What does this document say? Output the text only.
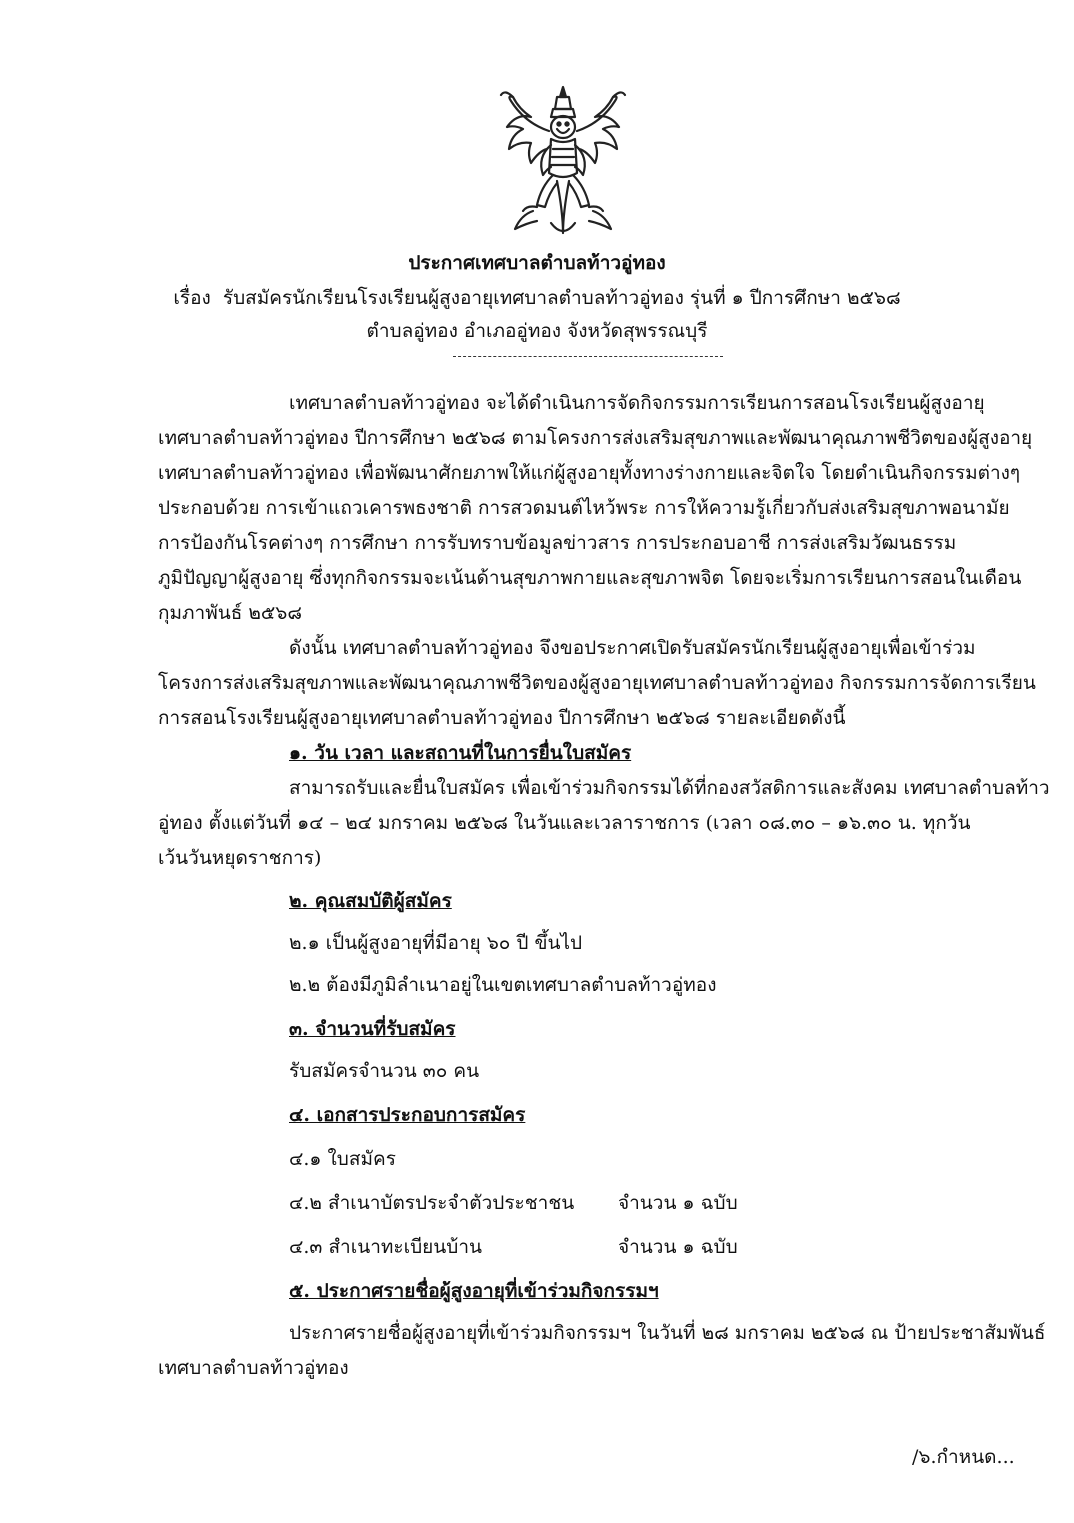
ประกาศเทศบาลตำบลท้าวอู่ทอง
เรื่อง รับสมัครนักเรียนโรงเรียนผู้สูงอายุเทศบาลตำบลท้าวอู่ทอง รุ่นที่ ๑ ปีการศึกษา ๒๕๖๘
ตำบลอู่ทอง อำเภออู่ทอง จังหวัดสุพรรณบุรี
เทศบาลตำบลท้าวอู่ทอง จะได้ดำเนินการจัดกิจกรรมการเรียนการสอนโรงเรียนผู้สูงอายุ
เทศบาลตำบลท้าวอู่ทอง ปีการศึกษา ๒๕๖๘ ตามโครงการส่งเสริมสุขภาพและพัฒนาคุณภาพชีวิตของผู้สูงอายุ
เทศบาลตำบลท้าวอู่ทอง เพื่อพัฒนาศักยภาพให้แก่ผู้สูงอายุทั้งทางร่างกายและจิตใจ โดยดำเนินกิจกรรมต่างๆ
ประกอบด้วย การเข้าแถวเคารพธงชาติ การสวดมนต์ไหว้พระ การให้ความรู้เกี่ยวกับส่งเสริมสุขภาพอนามัย
การป้องกันโรคต่างๆ การศึกษา การรับทราบข้อมูลข่าวสาร การประกอบอาชี การส่งเสริมวัฒนธรรม
ภูมิปัญญาผู้สูงอายุ ซึ่งทุกกิจกรรมจะเน้นด้านสุขภาพกายและสุขภาพจิต โดยจะเริ่มการเรียนการสอนในเดือน
กุมภาพันธ์ ๒๕๖๘
ดังนั้น เทศบาลตำบลท้าวอู่ทอง จึงขอประกาศเปิดรับสมัครนักเรียนผู้สูงอายุเพื่อเข้าร่วม
โครงการส่งเสริมสุขภาพและพัฒนาคุณภาพชีวิตของผู้สูงอายุเทศบาลตำบลท้าวอู่ทอง กิจกรรมการจัดการเรียน
การสอนโรงเรียนผู้สูงอายุเทศบาลตำบลท้าวอู่ทอง ปีการศึกษา ๒๕๖๘ รายละเอียดดังนี้
๑. วัน เวลา และสถานที่ในการยื่นใบสมัคร
สามารถรับและยื่นใบสมัคร เพื่อเข้าร่วมกิจกรรมได้ที่กองสวัสดิการและสังคม เทศบาลตำบลท้าว
อู่ทอง ตั้งแต่วันที่ ๑๔ – ๒๔ มกราคม ๒๕๖๘ ในวันและเวลาราชการ (เวลา ๐๘.๓๐ – ๑๖.๓๐ น. ทุกวัน
เว้นวันหยุดราชการ)
๒. คุณสมบัติผู้สมัคร
๒.๑ เป็นผู้สูงอายุที่มีอายุ ๖๐ ปี ขึ้นไป
๒.๒ ต้องมีภูมิลำเนาอยู่ในเขตเทศบาลตำบลท้าวอู่ทอง
๓. จำนวนที่รับสมัคร
รับสมัครจำนวน ๓๐ คน
๔. เอกสารประกอบการสมัคร
๔.๑ ใบสมัคร
๔.๒ สำเนาบัตรประจำตัวประชาชน จำนวน ๑ ฉบับ
๔.๓ สำเนาทะเบียนบ้าน	จำนวน ๑ ฉบับ
๕. ประกาศรายชื่อผู้สูงอายุที่เข้าร่วมกิจกรรมฯ
ประกาศรายชื่อผู้สูงอายุที่เข้าร่วมกิจกรรมฯ ในวันที่ ๒๘ มกราคม ๒๕๖๘ ณ ป้ายประชาสัมพันธ์
เทศบาลตำบลท้าวอู่ทอง
/๖.กำหนด...
